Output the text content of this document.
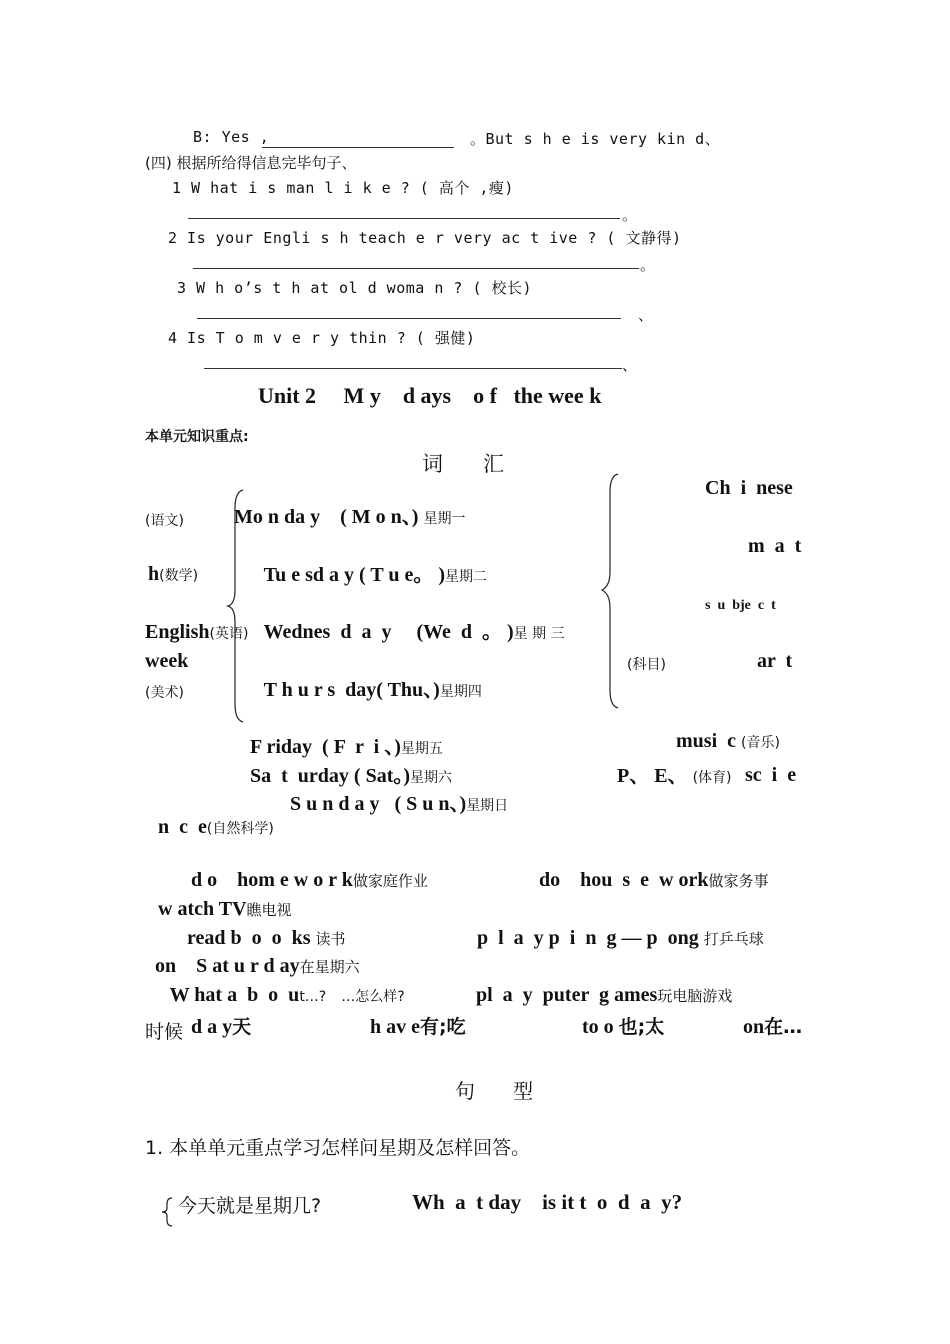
B: Yes ,	。But s h e is very kin d、
(四) 根据所给得信息完毕句子、
1 W hat i s man l i k e ? ( 高个 ,瘦)
。
2 Is your Engli s h teach e r very ac t ive ? ( 文静得)
。
3 W h o’s t h at ol d woma n ? ( 校长)
、
4 Is T o m v e r y thin ? ( 强健)
、
Unit 2     M y    d ays    o f   the wee k
本单元知识重点:
词      汇

Mo n da y    ( M o n、) 星期一

Tu e sd a y ( T u e。 )星期二

Wednes  d  a  y     (We  d  。 )星 期 三

T h u r s  day( Thu、)星期四

F riday  ( F  r  i 、)星期五

Sa  t  urday ( Sat。)星期六

S u n d a y   ( S u n、)星期日

Ch  i  nese
(语文)
m  a  t
h(数学)
s  u  bje  c  t
English(英语)
week	(科目)	ar  t
(美术)

musi  c (音乐)

P、 E、 (体育) sc  i  e

n  c  e(自然科学)

d o    hom e w o r k做家庭作业	do    hou  s  e  w ork做家务事

w atch TV瞧电视

read b  o  o  ks 读书	p  l  a  y p  i  n  g — p  ong 打乒乓球

on    S at u r d ay在星期六

W hat a  b  o  ut…? …怎么样?	pl  a  y  puter  g ames玩电脑游戏

d a y天	h av e有;吃	to o 也;太	on在…

时候
句      型
1. 本单单元重点学习怎样问星期及怎样回答。
今天就是星期几?	Wh  a  t day    is it t  o  d  a  y?
